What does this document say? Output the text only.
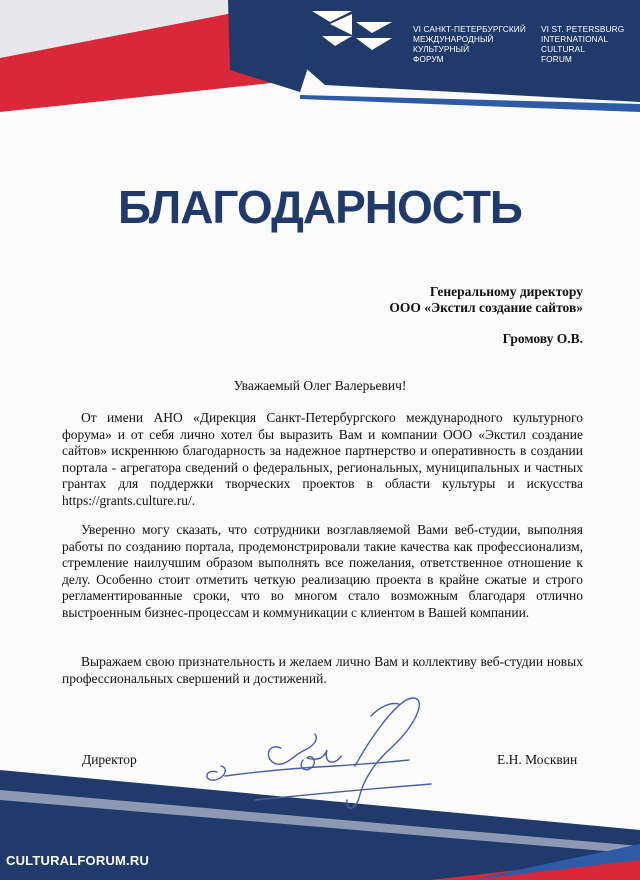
VI САНКТ-ПЕТЕРБУРГСКИЙ
МЕЖДУНАРОДНЫЙ
КУЛЬТУРНЫЙ
ФОРУМ
VI ST. PETERSBURG
INTERNATIONAL
CULTURAL
FORUM
БЛАГОДАРНОСТЬ
Генеральному директору
ООО «Экстил создание сайтов»
Громову О.В.
Уважаемый Олег Валерьевич!

От имени АНО «Дирекция Санкт-Петербургского международного культурного форума» и от себя лично хотел бы выразить Вам и компании ООО «Экстил создание сайтов» искреннюю благодарность за надежное партнерство и оперативность в создании портала - агрегатора сведений о федеральных, региональных, муниципальных и частных грантах для поддержки творческих проектов в области культуры и искусства https://grants.culture.ru/.

Уверенно могу сказать, что сотрудники возглавляемой Вами веб-студии, выполняя работы по созданию портала, продемонстрировали такие качества как профессионализм, стремление наилучшим образом выполнять все пожелания, ответственное отношение к делу. Особенно стоит отметить четкую реализацию проекта в крайне сжатые и строго регламентированные сроки, что во многом стало возможным благодаря отлично выстроенным бизнес-процессам и коммуникации с клиентом в Вашей компании.

Выражаем свою признательность и желаем лично Вам и коллективу веб-студии новых профессиональных свершений и достижений.

Директор	Е.Н. Москвин
CULTURALFORUM.RU
